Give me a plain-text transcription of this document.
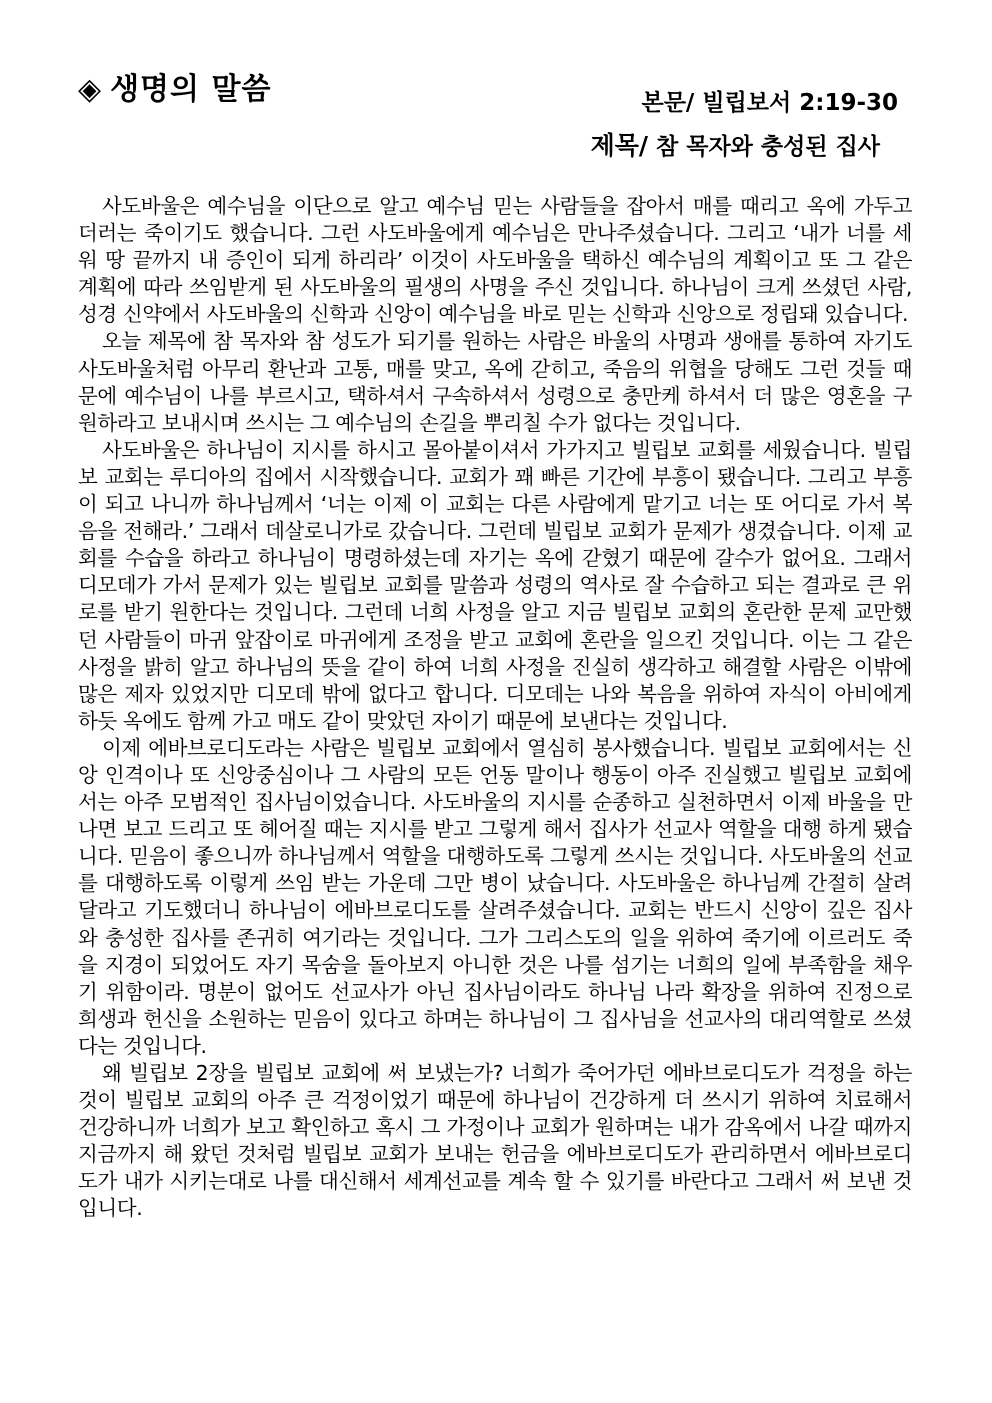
◈ 생명의 말씀	본문/ 빌립보서 2:19-30
제목/ 참 목자와 충성된 집사

사도바울은 예수님을 이단으로 알고 예수님 믿는 사람들을 잡아서 매를 때리고 옥에 가두고 더러는 죽이기도 했습니다. 그런 사도바울에게 예수님은 만나주셨습니다. 그리고 ‘내가 너를 세워 땅 끝까지 내 증인이 되게 하리라’ 이것이 사도바울을 택하신 예수님의 계획이고 또 그 같은 계획에 따라 쓰임받게 된 사도바울의 필생의 사명을 주신 것입니다. 하나님이 크게 쓰셨던 사람, 성경 신약에서 사도바울의 신학과 신앙이 예수님을 바로 믿는 신학과 신앙으로 정립돼 있습니다.

오늘 제목에 참 목자와 참 성도가 되기를 원하는 사람은 바울의 사명과 생애를 통하여 자기도 사도바울처럼 아무리 환난과 고통, 매를 맞고, 옥에 갇히고, 죽음의 위협을 당해도 그런 것들 때문에 예수님이 나를 부르시고, 택하셔서 구속하셔서 성령으로 충만케 하셔서 더 많은 영혼을 구원하라고 보내시며 쓰시는 그 예수님의 손길을 뿌리칠 수가 없다는 것입니다.

사도바울은 하나님이 지시를 하시고 몰아붙이셔서 가가지고 빌립보 교회를 세웠습니다. 빌립보 교회는 루디아의 집에서 시작했습니다. 교회가 꽤 빠른 기간에 부흥이 됐습니다. 그리고 부흥이 되고 나니까 하나님께서 ‘너는 이제 이 교회는 다른 사람에게 맡기고 너는 또 어디로 가서 복음을 전해라.’ 그래서 데살로니가로 갔습니다. 그런데 빌립보 교회가 문제가 생겼습니다. 이제 교회를 수습을 하라고 하나님이 명령하셨는데 자기는 옥에 갇혔기 때문에 갈수가 없어요. 그래서 디모데가 가서 문제가 있는 빌립보 교회를 말씀과 성령의 역사로 잘 수습하고 되는 결과로 큰 위로를 받기 원한다는 것입니다. 그런데 너희 사정을 알고 지금 빌립보 교회의 혼란한 문제 교만했던 사람들이 마귀 앞잡이로 마귀에게 조정을 받고 교회에 혼란을 일으킨 것입니다. 이는 그 같은 사정을 밝히 알고 하나님의 뜻을 같이 하여 너희 사정을 진실히 생각하고 해결할 사람은 이밖에 많은 제자 있었지만 디모데 밖에 없다고 합니다. 디모데는 나와 복음을 위하여 자식이 아비에게 하듯 옥에도 함께 가고 매도 같이 맞았던 자이기 때문에 보낸다는 것입니다.

이제 에바브로디도라는 사람은 빌립보 교회에서 열심히 봉사했습니다. 빌립보 교회에서는 신앙 인격이나 또 신앙중심이나 그 사람의 모든 언동 말이나 행동이 아주 진실했고 빌립보 교회에서는 아주 모범적인 집사님이었습니다. 사도바울의 지시를 순종하고 실천하면서 이제 바울을 만나면 보고 드리고 또 헤어질 때는 지시를 받고 그렇게 해서 집사가 선교사 역할을 대행 하게 됐습니다. 믿음이 좋으니까 하나님께서 역할을 대행하도록 그렇게 쓰시는 것입니다. 사도바울의 선교를 대행하도록 이렇게 쓰임 받는 가운데 그만 병이 났습니다. 사도바울은 하나님께 간절히 살려달라고 기도했더니 하나님이 에바브로디도를 살려주셨습니다. 교회는 반드시 신앙이 깊은 집사와 충성한 집사를 존귀히 여기라는 것입니다. 그가 그리스도의 일을 위하여 죽기에 이르러도 죽을 지경이 되었어도 자기 목숨을 돌아보지 아니한 것은 나를 섬기는 너희의 일에 부족함을 채우기 위함이라. 명분이 없어도 선교사가 아닌 집사님이라도 하나님 나라 확장을 위하여 진정으로 희생과 헌신을 소원하는 믿음이 있다고 하며는 하나님이 그 집사님을 선교사의 대리역할로 쓰셨다는 것입니다.

왜 빌립보 2장을 빌립보 교회에 써 보냈는가? 너희가 죽어가던 에바브로디도가 걱정을 하는 것이 빌립보 교회의 아주 큰 걱정이었기 때문에 하나님이 건강하게 더 쓰시기 위하여 치료해서 건강하니까 너희가 보고 확인하고 혹시 그 가정이나 교회가 원하며는 내가 감옥에서 나갈 때까지 지금까지 해 왔던 것처럼 빌립보 교회가 보내는 헌금을 에바브로디도가 관리하면서 에바브로디도가 내가 시키는대로 나를 대신해서 세계선교를 계속 할 수 있기를 바란다고 그래서 써 보낸 것입니다.
